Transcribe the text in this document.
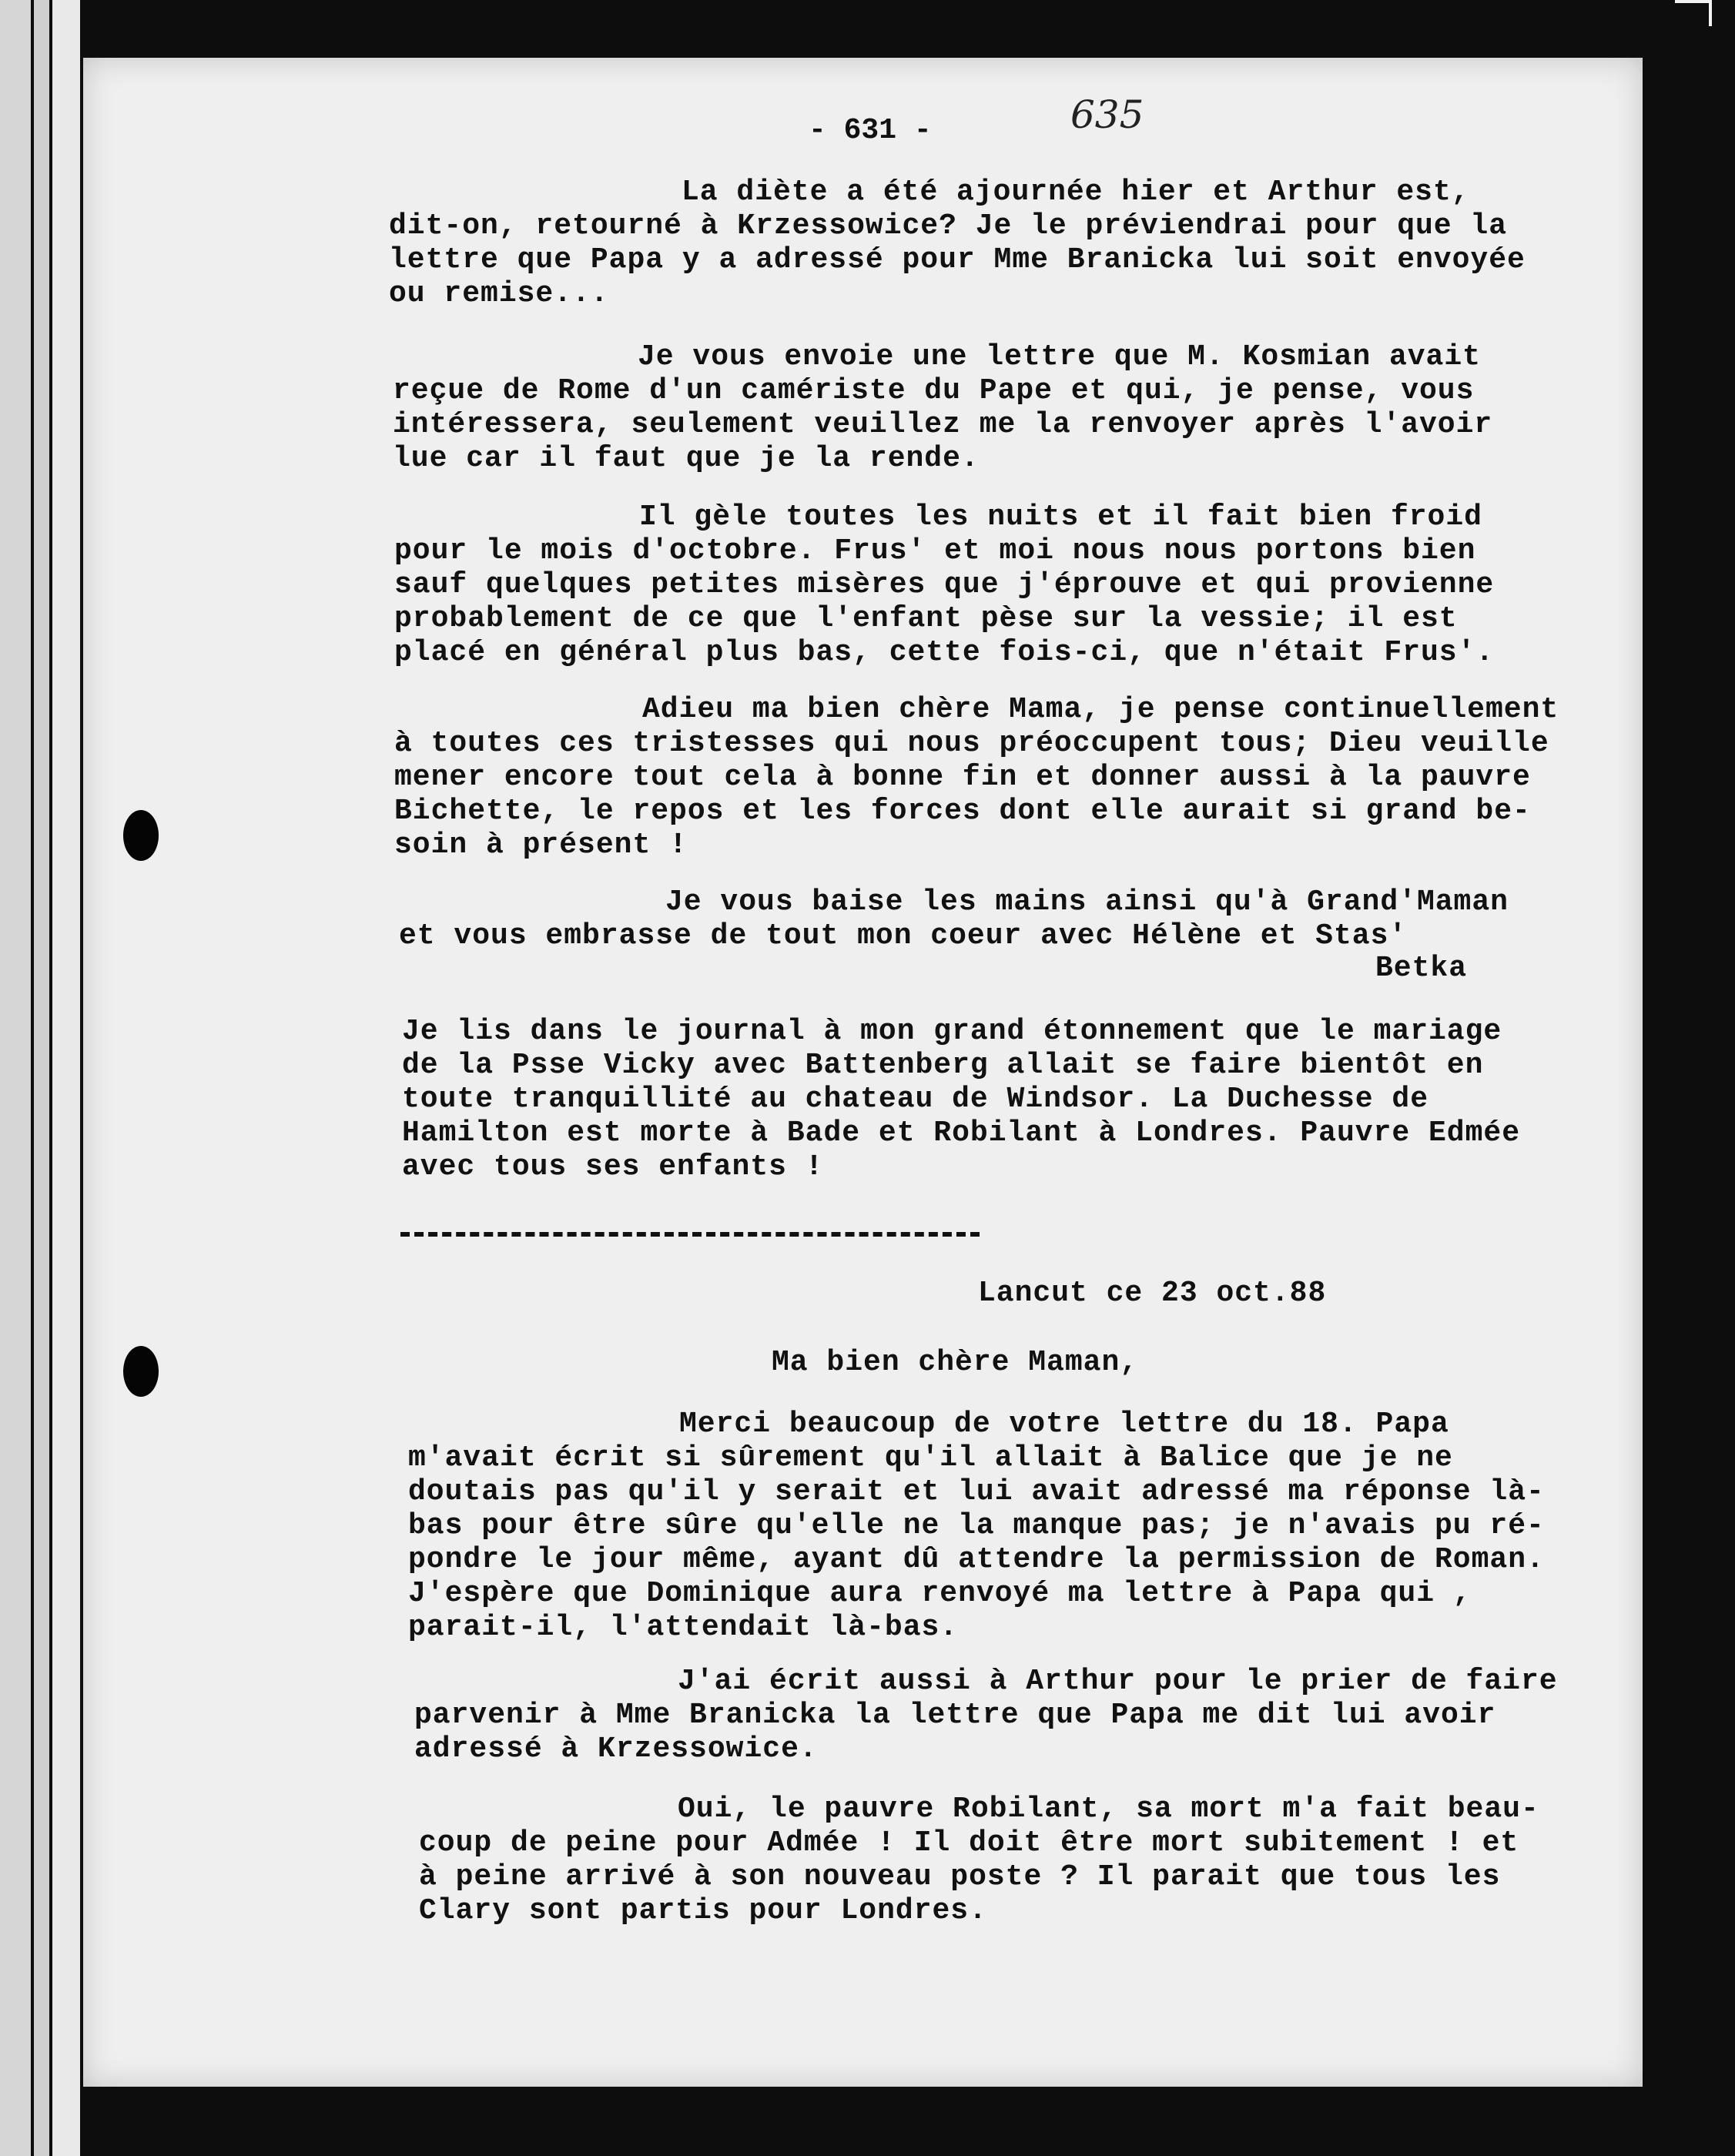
- 631 -	635

La diète a été ajournée hier et Arthur est,

dit-on, retourné à Krzessowice? Je le préviendrai pour que la

lettre que Papa y a adressé pour Mme Branicka lui soit envoyée

ou remise...

Je vous envoie une lettre que M. Kosmian avait

reçue de Rome d'un camériste du Pape et qui, je pense, vous

intéressera, seulement veuillez me la renvoyer après l'avoir

lue car il faut que je la rende.

Il gèle toutes les nuits et il fait bien froid

pour le mois d'octobre. Frus' et moi nous nous portons bien

sauf quelques petites misères que j'éprouve et qui provienne

probablement de ce que l'enfant pèse sur la vessie; il est

placé en général plus bas, cette fois-ci, que n'était Frus'.

Adieu ma bien chère Mama, je pense continuellement

à toutes ces tristesses qui nous préoccupent tous; Dieu veuille

mener encore tout cela à bonne fin et donner aussi à la pauvre

Bichette, le repos et les forces dont elle aurait si grand be-

soin à présent !

Je vous baise les mains ainsi qu'à Grand'Maman

et vous embrasse de tout mon coeur avec Hélène et Stas'

Betka

Je lis dans le journal à mon grand étonnement que le mariage

de la Psse Vicky avec Battenberg allait se faire bientôt en

toute tranquillité au chateau de Windsor. La Duchesse de

Hamilton est morte à Bade et Robilant à Londres. Pauvre Edmée

avec tous ses enfants !

Lancut ce 23 oct.88

Ma bien chère Maman,

Merci beaucoup de votre lettre du 18. Papa

m'avait écrit si sûrement qu'il allait à Balice que je ne

doutais pas qu'il y serait et lui avait adressé ma réponse là-

bas pour être sûre qu'elle ne la manque pas; je n'avais pu ré-

pondre le jour même, ayant dû attendre la permission de Roman.

J'espère que Dominique aura renvoyé ma lettre à Papa qui ,

parait-il, l'attendait là-bas.

J'ai écrit aussi à Arthur pour le prier de faire

parvenir à Mme Branicka la lettre que Papa me dit lui avoir

adressé à Krzessowice.

Oui, le pauvre Robilant, sa mort m'a fait beau-

coup de peine pour Admée ! Il doit être mort subitement ! et

à peine arrivé à son nouveau poste ? Il parait que tous les

Clary sont partis pour Londres.
